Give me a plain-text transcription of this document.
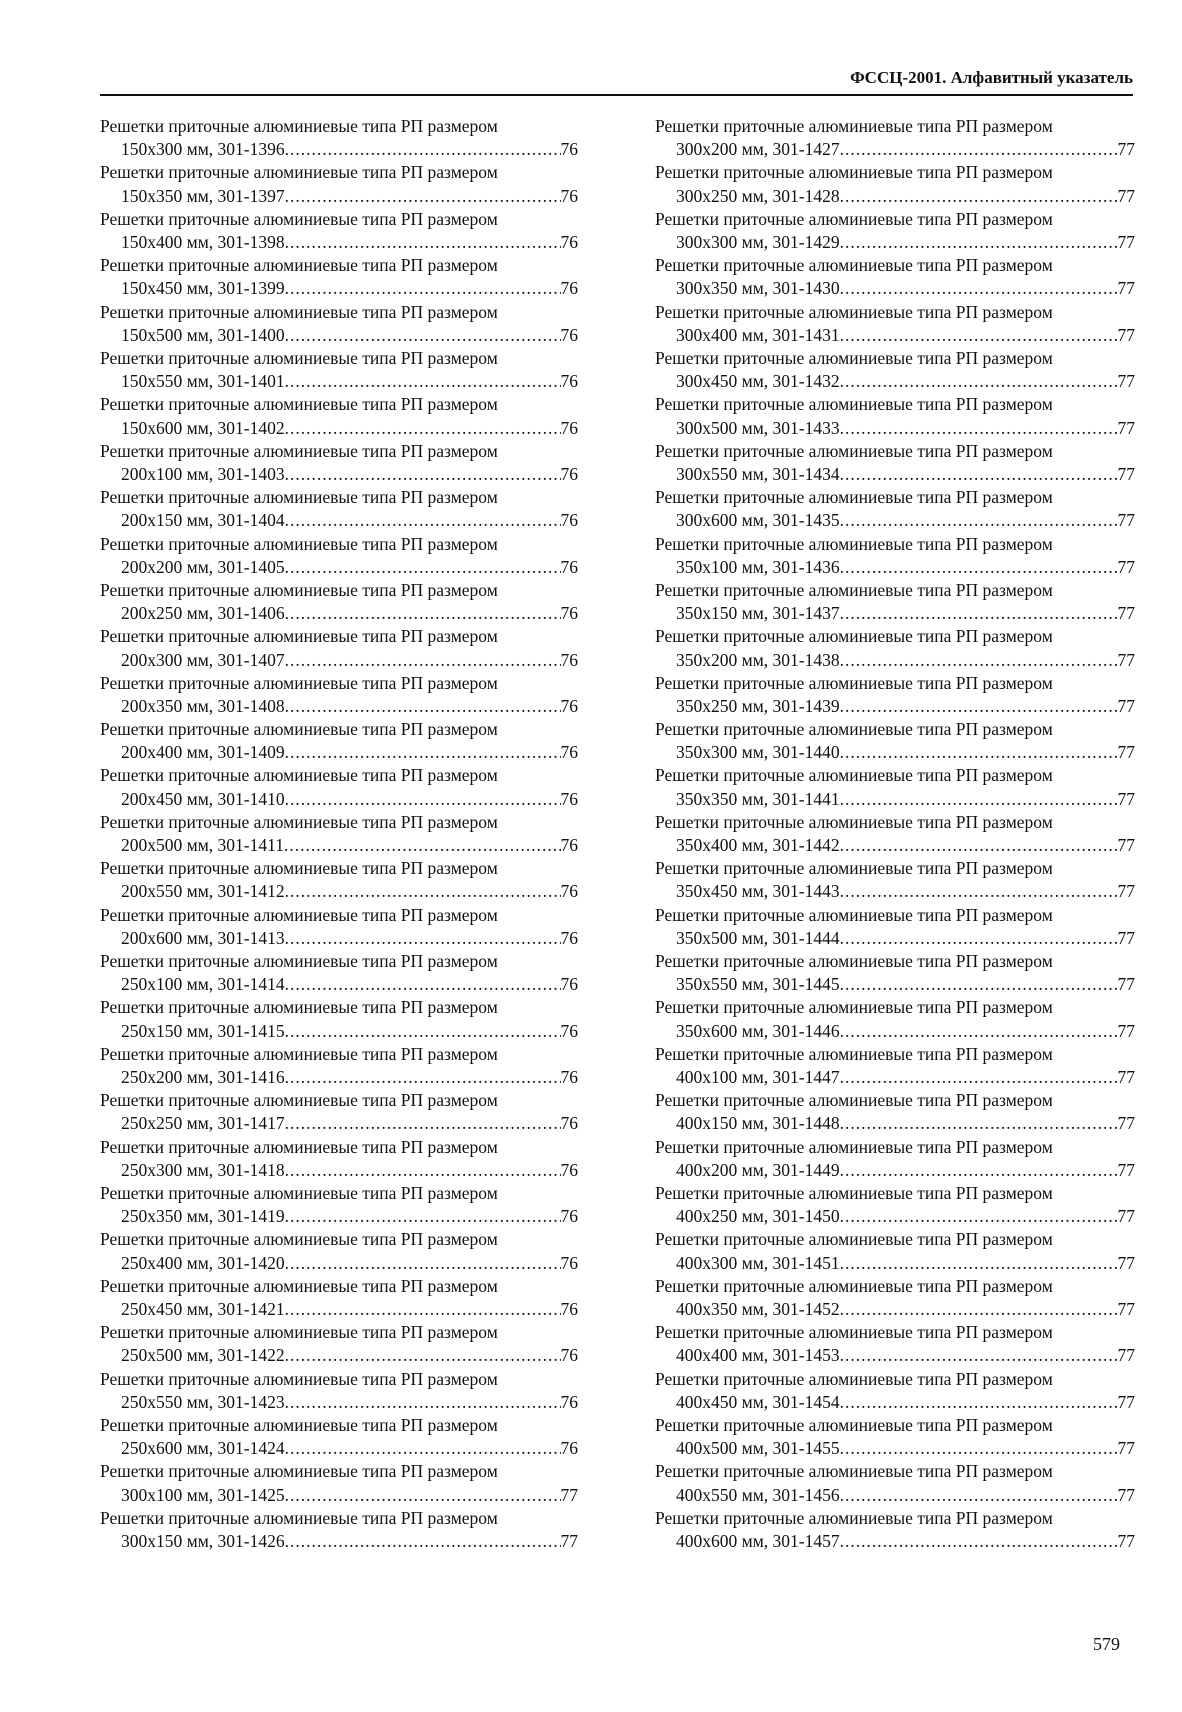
ФССЦ-2001. Алфавитный указатель
Решетки приточные алюминиевые типа РП размером
150x300 мм, 301-1396 .....	76
Решетки приточные алюминиевые типа РП размером
150x350 мм, 301-1397 .....	76
Решетки приточные алюминиевые типа РП размером
150x400 мм, 301-1398 .....	76
Решетки приточные алюминиевые типа РП размером
150x450 мм, 301-1399 .....	76
Решетки приточные алюминиевые типа РП размером
150x500 мм, 301-1400 .....	76
Решетки приточные алюминиевые типа РП размером
150x550 мм, 301-1401 .....	76
Решетки приточные алюминиевые типа РП размером
150x600 мм, 301-1402 .....	76
Решетки приточные алюминиевые типа РП размером
200x100 мм, 301-1403 .....	76
Решетки приточные алюминиевые типа РП размером
200x150 мм, 301-1404 .....	76
Решетки приточные алюминиевые типа РП размером
200x200 мм, 301-1405 .....	76
Решетки приточные алюминиевые типа РП размером
200x250 мм, 301-1406 .....	76
Решетки приточные алюминиевые типа РП размером
200x300 мм, 301-1407 .....	76
Решетки приточные алюминиевые типа РП размером
200x350 мм, 301-1408 .....	76
Решетки приточные алюминиевые типа РП размером
200x400 мм, 301-1409 .....	76
Решетки приточные алюминиевые типа РП размером
200x450 мм, 301-1410 .....	76
Решетки приточные алюминиевые типа РП размером
200x500 мм, 301-1411 .....	76
Решетки приточные алюминиевые типа РП размером
200x550 мм, 301-1412 .....	76
Решетки приточные алюминиевые типа РП размером
200x600 мм, 301-1413 .....	76
Решетки приточные алюминиевые типа РП размером
250x100 мм, 301-1414 .....	76
Решетки приточные алюминиевые типа РП размером
250x150 мм, 301-1415 .....	76
Решетки приточные алюминиевые типа РП размером
250x200 мм, 301-1416 .....	76
Решетки приточные алюминиевые типа РП размером
250x250 мм, 301-1417 .....	76
Решетки приточные алюминиевые типа РП размером
250x300 мм, 301-1418 .....	76
Решетки приточные алюминиевые типа РП размером
250x350 мм, 301-1419 .....	76
Решетки приточные алюминиевые типа РП размером
250x400 мм, 301-1420 .....	76
Решетки приточные алюминиевые типа РП размером
250x450 мм, 301-1421 .....	76
Решетки приточные алюминиевые типа РП размером
250x500 мм, 301-1422 .....	76
Решетки приточные алюминиевые типа РП размером
250x550 мм, 301-1423 .....	76
Решетки приточные алюминиевые типа РП размером
250x600 мм, 301-1424 .....	76
Решетки приточные алюминиевые типа РП размером
300x100 мм, 301-1425 .....	77
Решетки приточные алюминиевые типа РП размером
300x150 мм, 301-1426 .....	77
Решетки приточные алюминиевые типа РП размером
300x200 мм, 301-1427 .....	77
Решетки приточные алюминиевые типа РП размером
300x250 мм, 301-1428 .....	77
Решетки приточные алюминиевые типа РП размером
300x300 мм, 301-1429 .....	77
Решетки приточные алюминиевые типа РП размером
300x350 мм, 301-1430 .....	77
Решетки приточные алюминиевые типа РП размером
300x400 мм, 301-1431 .....	77
Решетки приточные алюминиевые типа РП размером
300x450 мм, 301-1432 .....	77
Решетки приточные алюминиевые типа РП размером
300x500 мм, 301-1433 .....	77
Решетки приточные алюминиевые типа РП размером
300x550 мм, 301-1434 .....	77
Решетки приточные алюминиевые типа РП размером
300x600 мм, 301-1435 .....	77
Решетки приточные алюминиевые типа РП размером
350x100 мм, 301-1436 .....	77
Решетки приточные алюминиевые типа РП размером
350x150 мм, 301-1437 .....	77
Решетки приточные алюминиевые типа РП размером
350x200 мм, 301-1438 .....	77
Решетки приточные алюминиевые типа РП размером
350x250 мм, 301-1439 .....	77
Решетки приточные алюминиевые типа РП размером
350x300 мм, 301-1440 .....	77
Решетки приточные алюминиевые типа РП размером
350x350 мм, 301-1441 .....	77
Решетки приточные алюминиевые типа РП размером
350x400 мм, 301-1442 .....	77
Решетки приточные алюминиевые типа РП размером
350x450 мм, 301-1443 .....	77
Решетки приточные алюминиевые типа РП размером
350x500 мм, 301-1444 .....	77
Решетки приточные алюминиевые типа РП размером
350x550 мм, 301-1445 .....	77
Решетки приточные алюминиевые типа РП размером
350x600 мм, 301-1446 .....	77
Решетки приточные алюминиевые типа РП размером
400x100 мм, 301-1447 .....	77
Решетки приточные алюминиевые типа РП размером
400x150 мм, 301-1448 .....	77
Решетки приточные алюминиевые типа РП размером
400x200 мм, 301-1449 .....	77
Решетки приточные алюминиевые типа РП размером
400x250 мм, 301-1450 .....	77
Решетки приточные алюминиевые типа РП размером
400x300 мм, 301-1451 .....	77
Решетки приточные алюминиевые типа РП размером
400x350 мм, 301-1452 .....	77
Решетки приточные алюминиевые типа РП размером
400x400 мм, 301-1453 .....	77
Решетки приточные алюминиевые типа РП размером
400x450 мм, 301-1454 .....	77
Решетки приточные алюминиевые типа РП размером
400x500 мм, 301-1455 .....	77
Решетки приточные алюминиевые типа РП размером
400x550 мм, 301-1456 .....	77
Решетки приточные алюминиевые типа РП размером
400x600 мм, 301-1457 .....	77
579
